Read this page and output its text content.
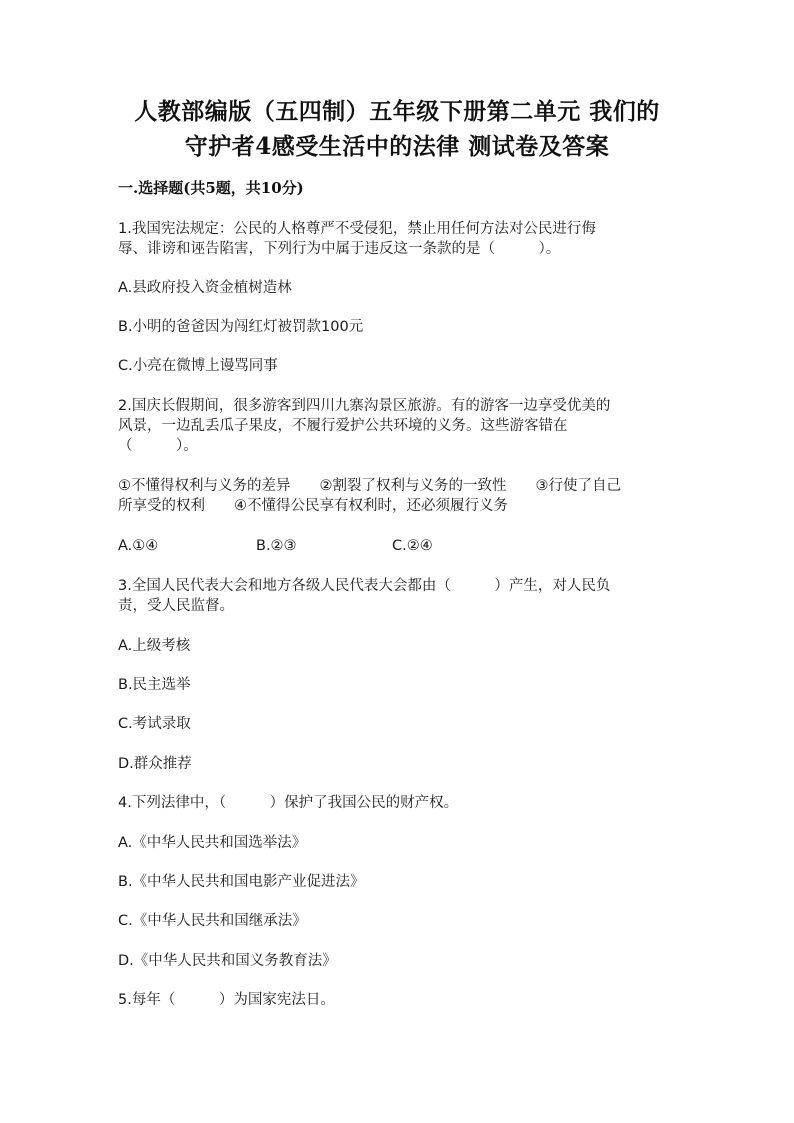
人教部编版（五四制）五年级下册第二单元 我们的
守护者4感受生活中的法律 测试卷及答案
一.选择题(共5题，共10分)
1.我国宪法规定：公民的人格尊严不受侵犯，禁止用任何方法对公民进行侮
辱、诽谤和诬告陷害，下列行为中属于违反这一条款的是（　　　）。
A.县政府投入资金植树造林
B.小明的爸爸因为闯红灯被罚款100元
C.小亮在微博上谩骂同事
2.国庆长假期间，很多游客到四川九寨沟景区旅游。有的游客一边享受优美的
风景，一边乱丢瓜子果皮，不履行爱护公共环境的义务。这些游客错在
（　　　）。
①不懂得权利与义务的差异　　②割裂了权利与义务的一致性　　③行使了自己
所享受的权利　　④不懂得公民享有权利时，还必须履行义务
A.①④	B.②③	C.②④
3.全国人民代表大会和地方各级人民代表大会都由（　　　）产生，对人民负
责，受人民监督。
A.上级考核
B.民主选举
C.考试录取
D.群众推荐
4.下列法律中，（　　　）保护了我国公民的财产权。
A.《中华人民共和国选举法》
B.《中华人民共和国电影产业促进法》
C.《中华人民共和国继承法》
D.《中华人民共和国义务教育法》
5.每年（　　　）为国家宪法日。
